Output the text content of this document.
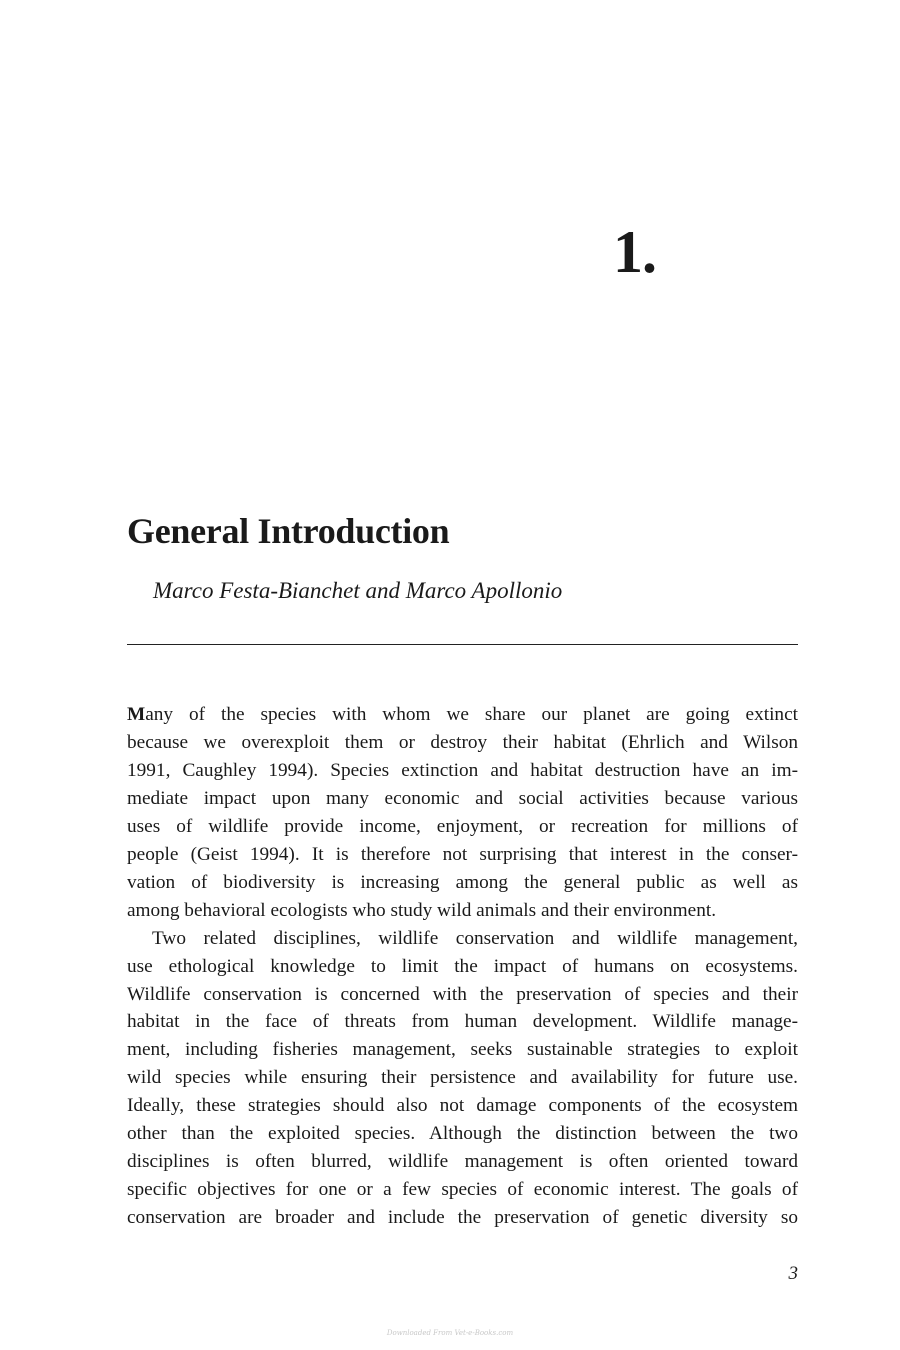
1.
General Introduction

Marco Festa-Bianchet and Marco Apollonio

Many of the species with whom we share our planet are going extinct
because we overexploit them or destroy their habitat (Ehrlich and Wilson
1991, Caughley 1994). Species extinction and habitat destruction have an im-
mediate impact upon many economic and social activities because various
uses of wildlife provide income, enjoyment, or recreation for millions of
people (Geist 1994). It is therefore not surprising that interest in the conser-
vation of biodiversity is increasing among the general public as well as
among behavioral ecologists who study wild animals and their environment.

Two related disciplines, wildlife conservation and wildlife management,
use ethological knowledge to limit the impact of humans on ecosystems.
Wildlife conservation is concerned with the preservation of species and their
habitat in the face of threats from human development. Wildlife manage-
ment, including fisheries management, seeks sustainable strategies to exploit
wild species while ensuring their persistence and availability for future use.
Ideally, these strategies should also not damage components of the ecosystem
other than the exploited species. Although the distinction between the two
disciplines is often blurred, wildlife management is often oriented toward
specific objectives for one or a few species of economic interest. The goals of
conservation are broader and include the preservation of genetic diversity so

3

Downloaded From Vet-e-Books.com
